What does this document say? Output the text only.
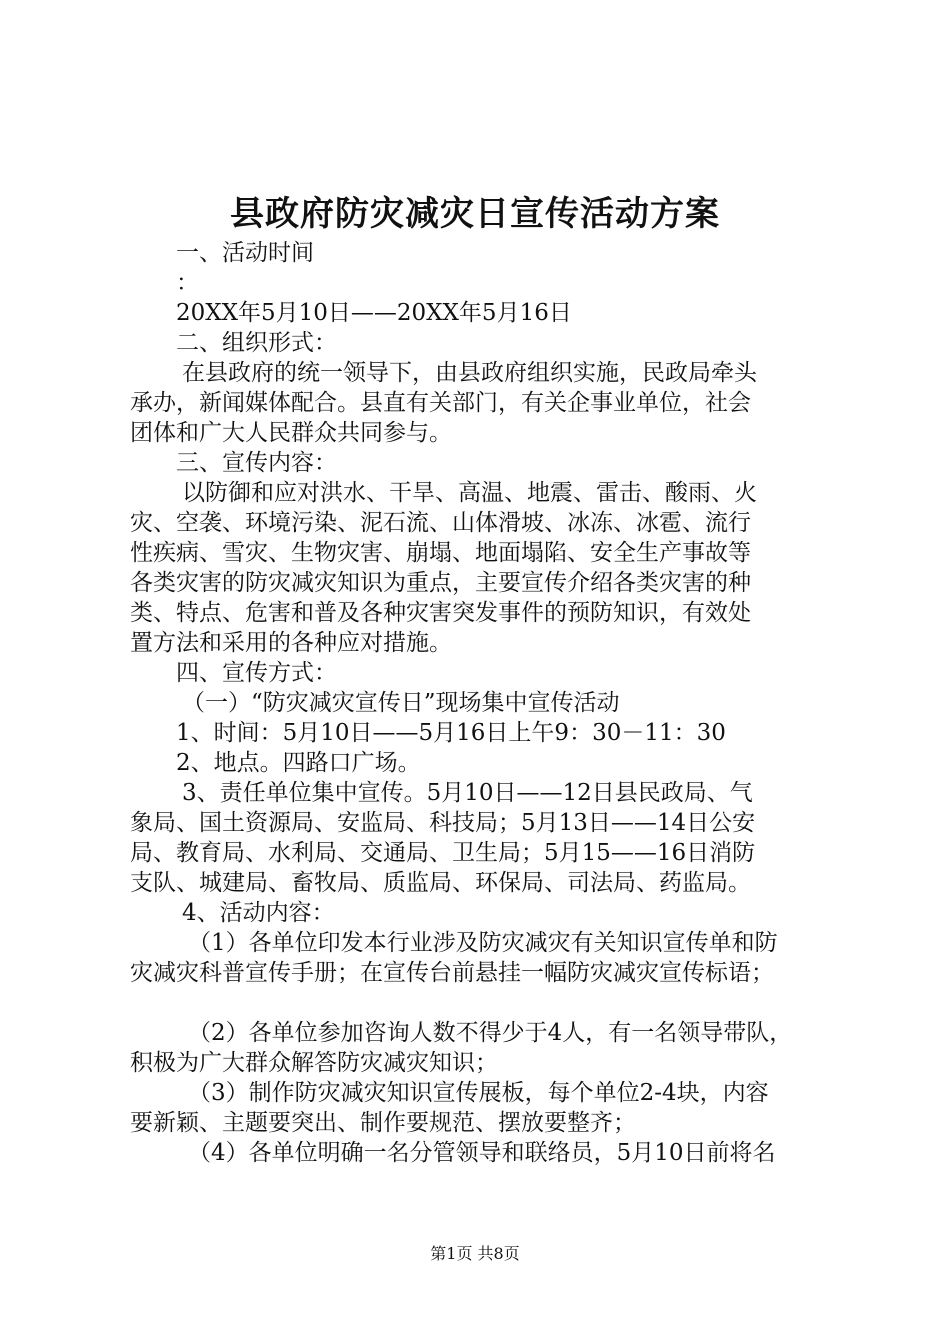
县政府防灾减灾日宣传活动方案
一、活动时间
：
20XX年5月10日——20XX年5月16日
二、组织形式：
在县政府的统一领导下，由县政府组织实施，民政局牵头
承办，新闻媒体配合。县直有关部门，有关企事业单位，社会
团体和广大人民群众共同参与。
三、宣传内容：
以防御和应对洪水、干旱、高温、地震、雷击、酸雨、火
灾、空袭、环境污染、泥石流、山体滑坡、冰冻、冰雹、流行
性疾病、雪灾、生物灾害、崩塌、地面塌陷、安全生产事故等
各类灾害的防灾减灾知识为重点，主要宣传介绍各类灾害的种
类、特点、危害和普及各种灾害突发事件的预防知识，有效处
置方法和采用的各种应对措施。
四、宣传方式：
（一）“防灾减灾宣传日”现场集中宣传活动
1、时间：5月10日——5月16日上午9：30－11：30
2、地点。四路口广场。
3、责任单位集中宣传。5月10日——12日县民政局、气
象局、国土资源局、安监局、科技局；5月13日——14日公安
局、教育局、水利局、交通局、卫生局；5月15——16日消防
支队、城建局、畜牧局、质监局、环保局、司法局、药监局。
4、活动内容：
（1）各单位印发本行业涉及防灾减灾有关知识宣传单和防
灾减灾科普宣传手册；在宣传台前悬挂一幅防灾减灾宣传标语；
（2）各单位参加咨询人数不得少于4人，有一名领导带队，
积极为广大群众解答防灾减灾知识；
（3）制作防灾减灾知识宣传展板，每个单位2-4块，内容
要新颖、主题要突出、制作要规范、摆放要整齐；
（4）各单位明确一名分管领导和联络员，5月10日前将名
第1页 共8页
